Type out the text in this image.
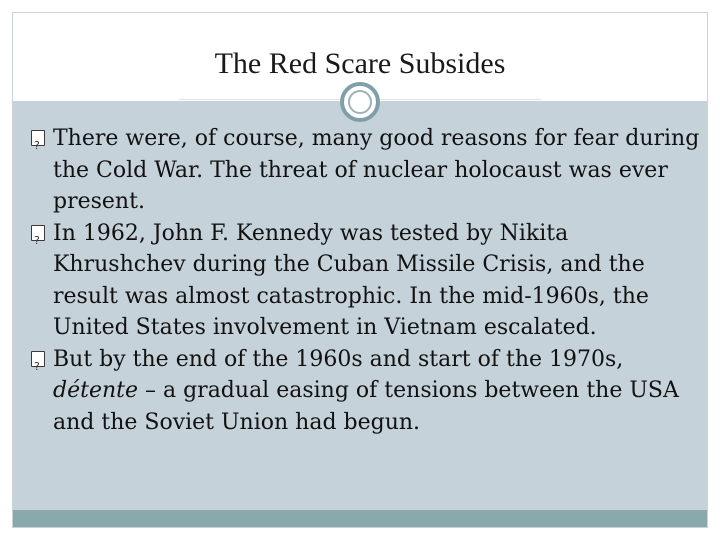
The Red Scare Subsides
?
There were, of course, many good reasons for fear during the Cold War. The threat of nuclear holocaust was ever present.
?
In 1962, John F. Kennedy was tested by Nikita Khrushchev during the Cuban Missile Crisis, and the result was almost catastrophic. In the mid-1960s, the United States involvement in Vietnam escalated.
?
But by the end of the 1960s and start of the 1970s, détente – a gradual easing of tensions between the USA and the Soviet Union had begun.
